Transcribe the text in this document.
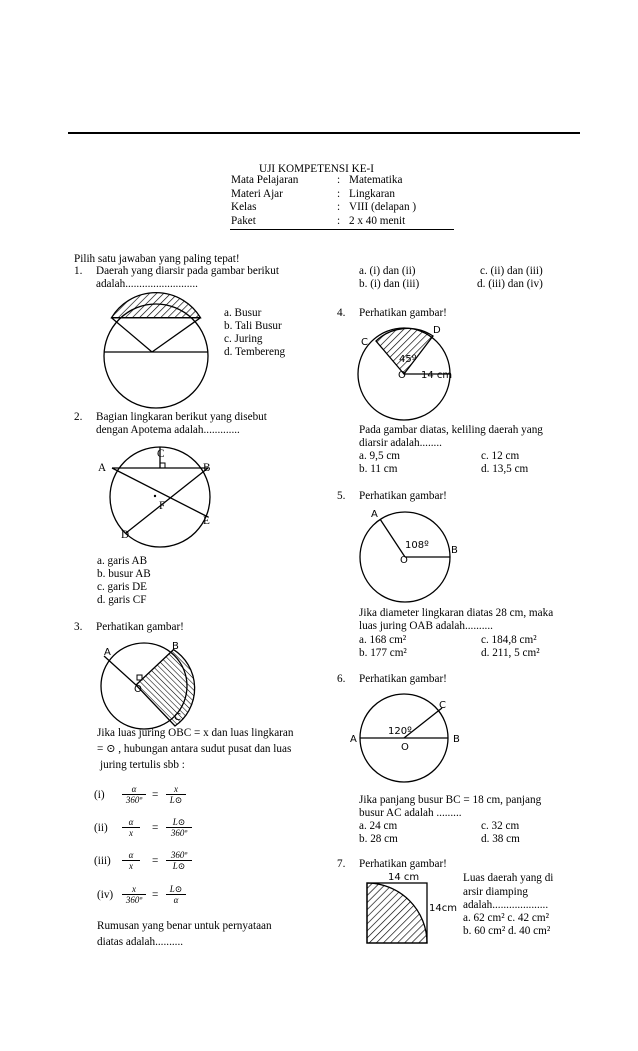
UJI KOMPETENSI KE-I
Mata Pelajaran	: Matematika
Materi Ajar	: Lingkaran
Kelas	: VIII (delapan )
Paket	: 2 x 40 menit
Pilih satu jawaban yang paling tepat!
1. Daerah yang diarsir pada gambar berikut
adalah..........................
a. Busur
b. Tali Busur
c. Juring
d. Tembereng
2. Bagian lingkaran berikut yang disebut
dengan Apotema adalah.............
C
A	B
F
E
D
a. garis AB
b. busur AB
c. garis DE
d. garis CF
3. Perhatikan gambar!
A
B
O
C
Jika luas juring OBC = x dan luas lingkaran
= ⊙ , hubungan antara sudut pusat dan luas
juring tertulis sbb :
$(i) \frac{\alpha}{\text{360º}} = \frac{x}{L⊙}$
$(ii) \frac{\alpha}{x} = \frac{L⊙}{\text{360º}}$
$(iii) \frac{\alpha}{x} = \frac{\text{360º}}{L⊙}$
$(iv) \frac{x}{\text{360º}} = \frac{L⊙}{\alpha}$
Rumusan yang benar untuk pernyataan
diatas adalah..........
a. (i) dan (ii)
b. (i) dan (iii)
c. (ii) dan (iii)
d. (iii) dan (iv)
4. Perhatikan gambar!
C
D
45º
O 14 cm
Pada gambar diatas, keliling daerah yang
diarsir adalah........
a. 9,5 cm
b. 11 cm
c. 12 cm
d. 13,5 cm
5. Perhatikan gambar!
A
108º B
O
Jika diameter lingkaran diatas 28 cm, maka
luas juring OAB adalah..........
a. 168 cm²
b. 177 cm²
c. 184,8 cm²
d. 211, 5 cm²
6. Perhatikan gambar!
C
120º
A	B
O
Jika panjang busur BC = 18 cm, panjang
busur AC adalah .........
a. 24 cm
b. 28 cm
c. 32 cm
d. 38 cm
7. Perhatikan gambar!
14 cm
14cm
Luas daerah yang di
arsir diamping
adalah....................
a. 62 cm² c. 42 cm²
b. 60 cm² d. 40 cm²
